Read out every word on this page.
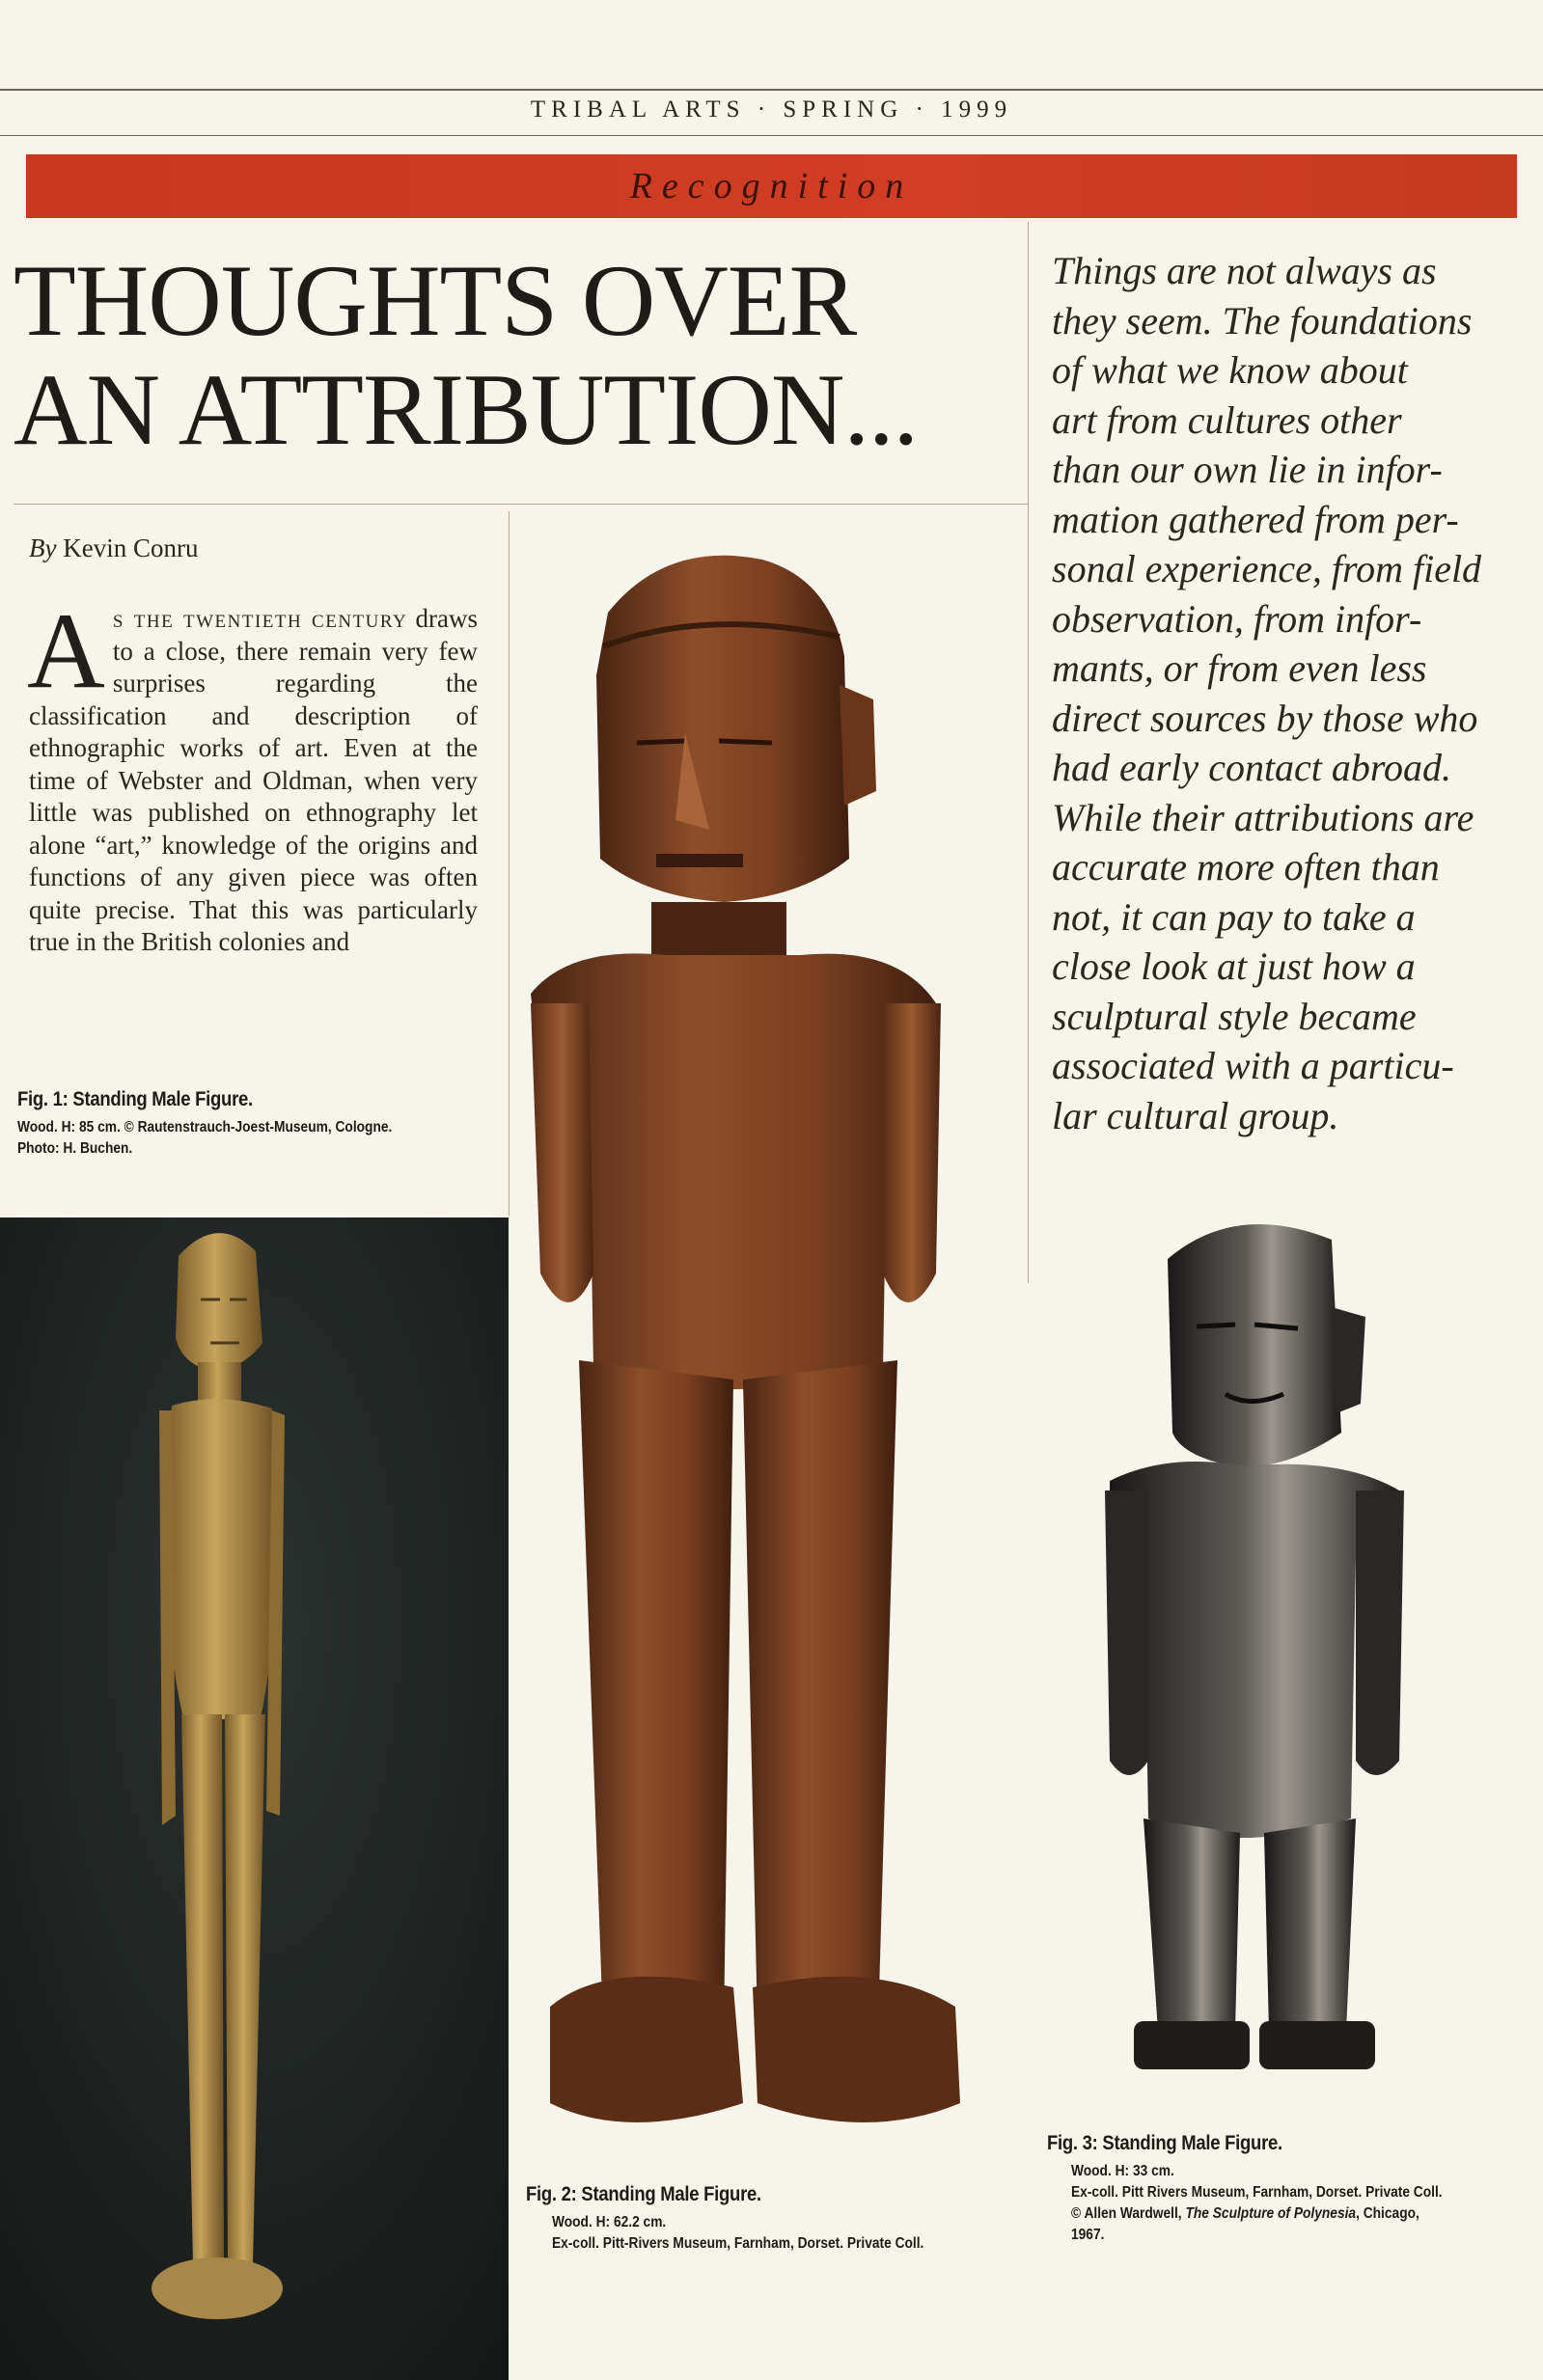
TRIBAL ARTS · SPRING · 1999
Recognition
THOUGHTS OVER
AN ATTRIBUTION...
By Kevin Conru
As the twentieth century draws to a close, there remain very few surprises regarding the classification and description of ethnographic works of art. Even at the time of Webster and Oldman, when very little was published on ethnography let alone “art,” knowledge of the origins and functions of any given piece was often quite precise. That this was particularly true in the British colonies and
Fig. 1: Standing Male Figure.
Wood. H: 85 cm. © Rautenstrauch-Joest-Museum, Cologne.
Photo: H. Buchen.
Fig. 2: Standing Male Figure.
Wood. H: 62.2 cm.
Ex-coll. Pitt-Rivers Museum, Farnham, Dorset. Private Coll.
Things are not always as
they seem. The foundations
of what we know about
art from cultures other
than our own lie in infor-
mation gathered from per-
sonal experience, from field
observation, from infor-
mants, or from even less
direct sources by those who
had early contact abroad.
While their attributions are
accurate more often than
not, it can pay to take a
close look at just how a
sculptural style became
associated with a particu-
lar cultural group.
Fig. 3: Standing Male Figure.
Wood. H: 33 cm.
Ex-coll. Pitt Rivers Museum, Farnham, Dorset. Private Coll.
© Allen Wardwell, The Sculpture of Polynesia, Chicago,
1967.
